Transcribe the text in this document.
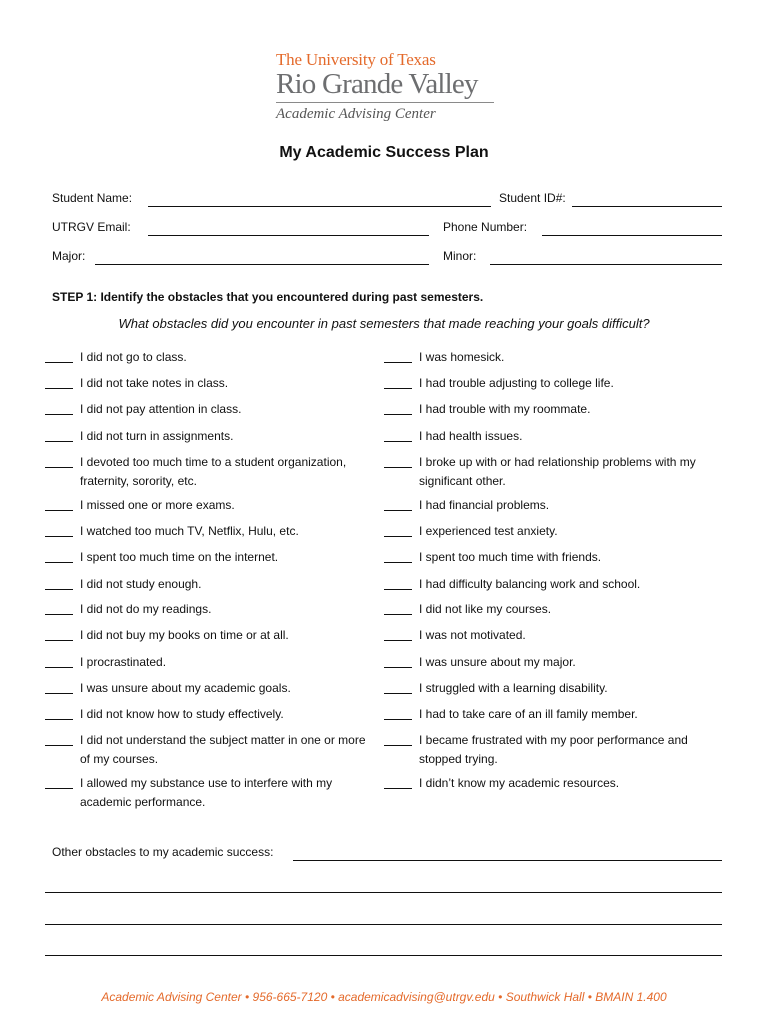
The University of Texas
Rio Grande Valley
Academic Advising Center
My Academic Success Plan
Student Name:	Student ID#:
UTRGV Email:	Phone Number:
Major:	Minor:
STEP 1: Identify the obstacles that you encountered during past semesters.
What obstacles did you encounter in past semesters that made reaching your goals difficult?
I did not go to class.
I did not take notes in class.
I did not pay attention in class.
I did not turn in assignments.
I devoted too much time to a student organization, fraternity, sorority, etc.
I missed one or more exams.
I watched too much TV, Netflix, Hulu, etc.
I spent too much time on the internet.
I did not study enough.
I did not do my readings.
I did not buy my books on time or at all.
I procrastinated.
I was unsure about my academic goals.
I did not know how to study effectively.
I did not understand the subject matter in one or more of my courses.
I allowed my substance use to interfere with my academic performance.
I was homesick.
I had trouble adjusting to college life.
I had trouble with my roommate.
I had health issues.
I broke up with or had relationship problems with my significant other.
I had financial problems.
I experienced test anxiety.
I spent too much time with friends.
I had difficulty balancing work and school.
I did not like my courses.
I was not motivated.
I was unsure about my major.
I struggled with a learning disability.
I had to take care of an ill family member.
I became frustrated with my poor performance and stopped trying.
I didn’t know my academic resources.
Other obstacles to my academic success:
Academic Advising Center • 956-665-7120 • academicadvising@utrgv.edu • Southwick Hall • BMAIN 1.400
